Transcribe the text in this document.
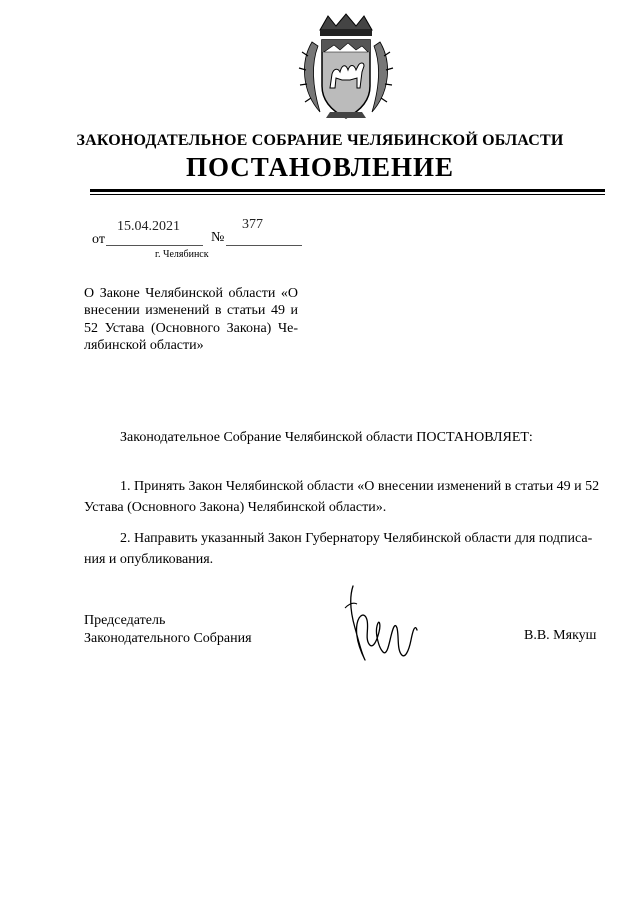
ЗАКОНОДАТЕЛЬНОЕ СОБРАНИЕ ЧЕЛЯБИНСКОЙ ОБЛАСТИ
ПОСТАНОВЛЕНИЕ
15.04.2021	377
от	№
г. Челябинск
О Законе Челябинской области «О внесении изменений в статьи 49 и 52 Устава (Основного Закона) Челябинской области»
Законодательное Собрание Челябинской области ПОСТАНОВЛЯЕТ:
1. Принять Закон Челябинской области «О внесении изменений в статьи 49 и 52
Устава (Основного Закона) Челябинской области».
2. Направить указанный Закон Губернатору Челябинской области для подписа-
ния и опубликования.
Председатель
Законодательного Собрания	В.В. Мякуш
